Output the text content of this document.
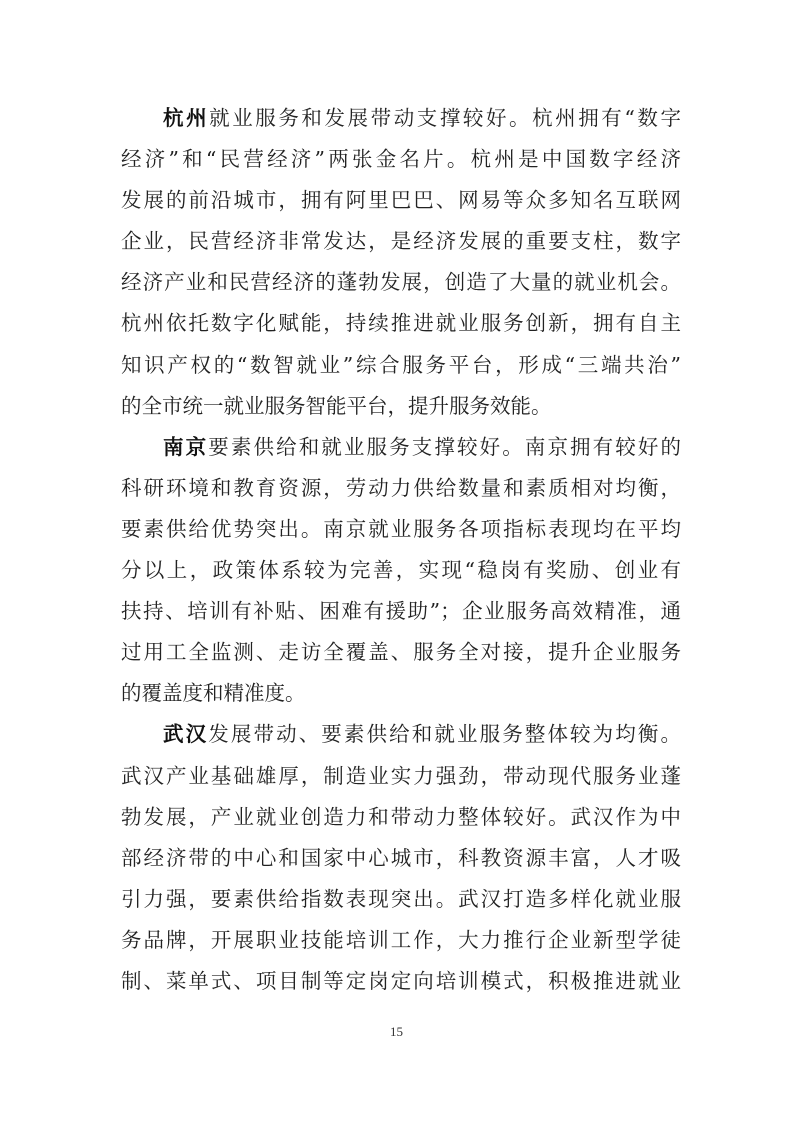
杭州就业服务和发展带动支撑较好。杭州拥有“数字
经济”和“民营经济”两张金名片。杭州是中国数字经济
发展的前沿城市，拥有阿里巴巴、网易等众多知名互联网
企业，民营经济非常发达，是经济发展的重要支柱，数字
经济产业和民营经济的蓬勃发展，创造了大量的就业机会。
杭州依托数字化赋能，持续推进就业服务创新，拥有自主
知识产权的“数智就业”综合服务平台，形成“三端共治”
的全市统一就业服务智能平台，提升服务效能。
南京要素供给和就业服务支撑较好。南京拥有较好的
科研环境和教育资源，劳动力供给数量和素质相对均衡，
要素供给优势突出。南京就业服务各项指标表现均在平均
分以上，政策体系较为完善，实现“稳岗有奖励、创业有
扶持、培训有补贴、困难有援助”；企业服务高效精准，通
过用工全监测、走访全覆盖、服务全对接，提升企业服务
的覆盖度和精准度。
武汉发展带动、要素供给和就业服务整体较为均衡。
武汉产业基础雄厚，制造业实力强劲，带动现代服务业蓬
勃发展，产业就业创造力和带动力整体较好。武汉作为中
部经济带的中心和国家中心城市，科教资源丰富，人才吸
引力强，要素供给指数表现突出。武汉打造多样化就业服
务品牌，开展职业技能培训工作，大力推行企业新型学徒
制、菜单式、项目制等定岗定向培训模式，积极推进就业
15
